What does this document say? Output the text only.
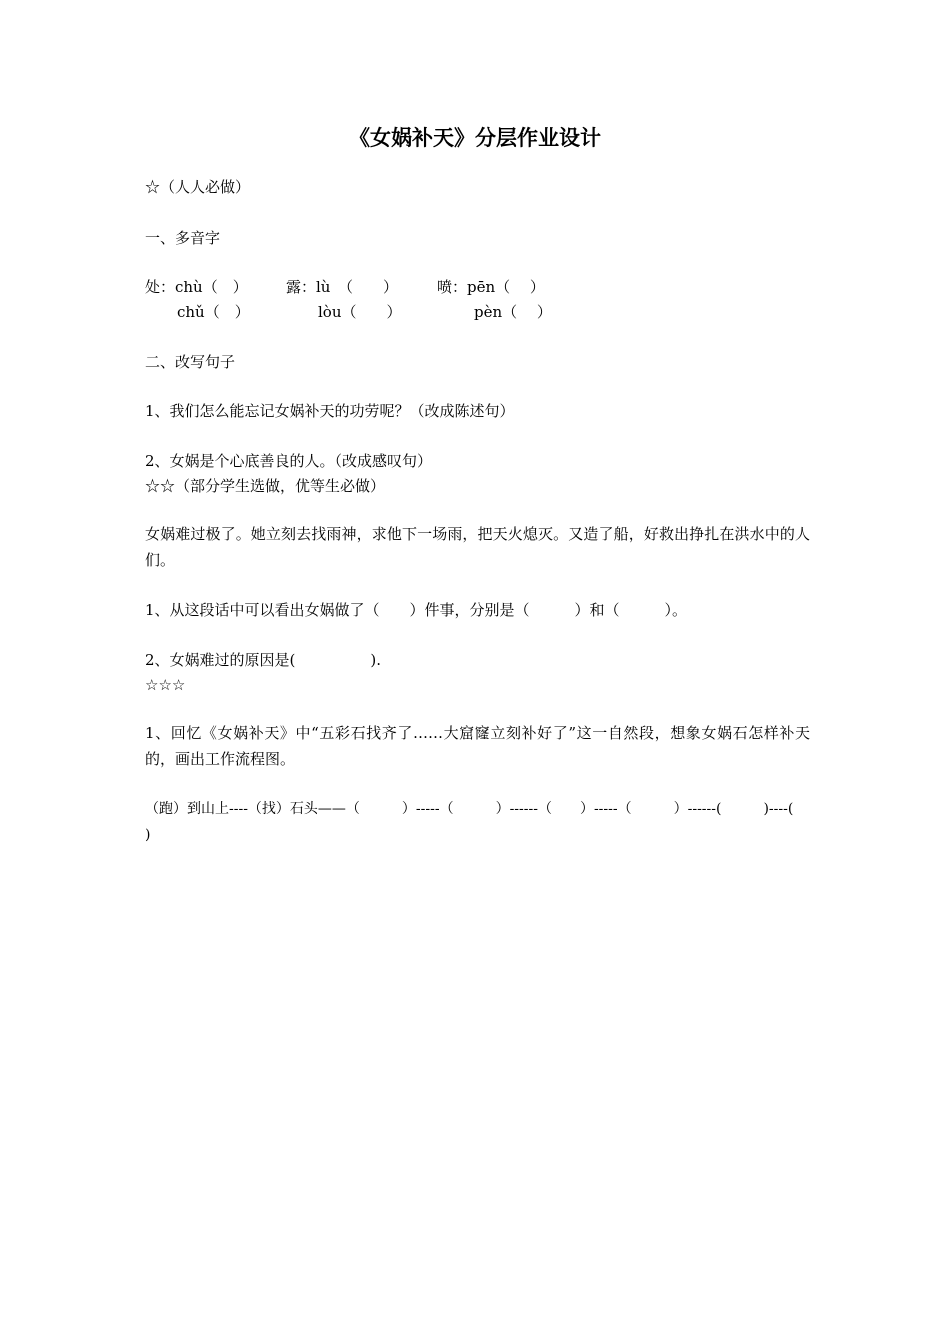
《女娲补天》分层作业设计
☆（人人必做）
一、多音字
处：chù（　）	露：lù　（　　）	喷：pēn（　 ）
chǔ（　）	lòu（　　）	pèn（　 ）
二、改写句子
1、我们怎么能忘记女娲补天的功劳呢？（改成陈述句）
2、女娲是个心底善良的人。（改成感叹句）
☆☆（部分学生选做，优等生必做）
女娲难过极了。她立刻去找雨神，求他下一场雨，把天火熄灭。又造了船，好救出挣扎在洪水中的人们。
1、从这段话中可以看出女娲做了（　　）件事，分别是（　　　）和（　　　）。
2、女娲难过的原因是(　　　　　).
☆☆☆
1、回忆《女娲补天》中“五彩石找齐了……大窟窿立刻补好了”这一自然段，想象女娲石怎样补天的，画出工作流程图。
（跑）到山上----（找）石头——（　　　）-----（　　　）------（　　）-----（　　　）------(　　　)----(　　)
